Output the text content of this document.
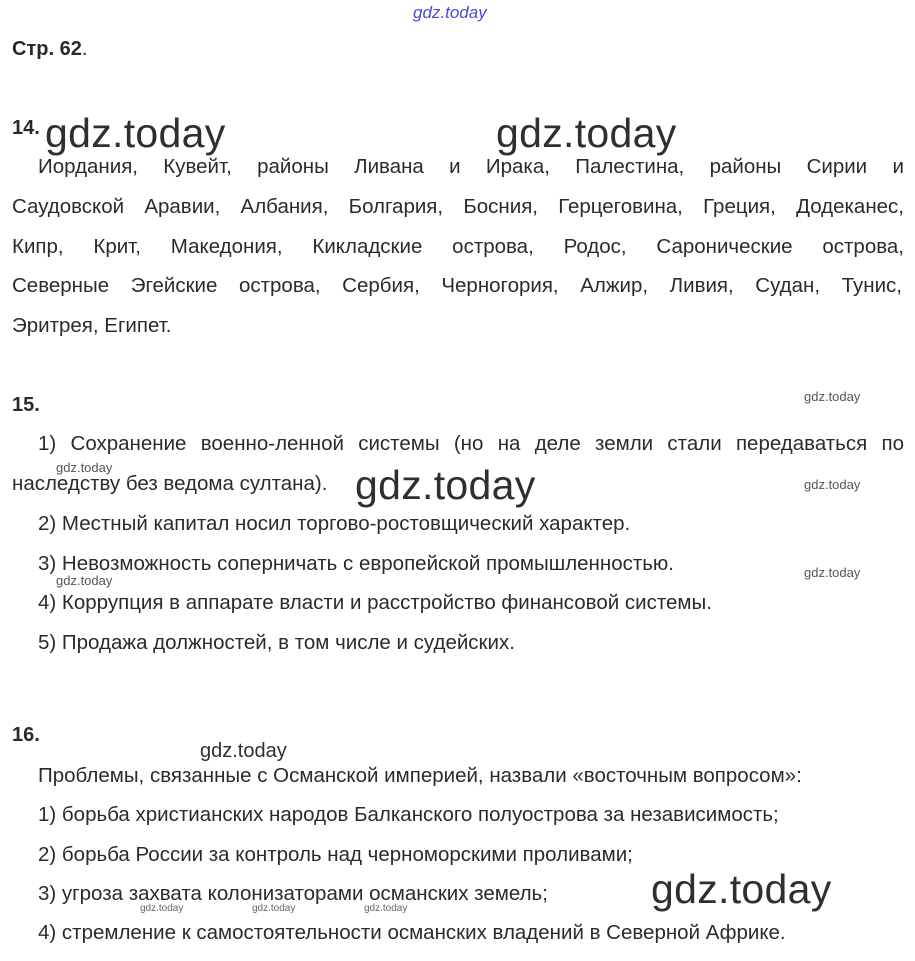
gdz.today
Стр. 62.
14. gdz.today	gdz.today
Иордания, Кувейт, районы Ливана и Ирака, Палестина, районы Сирии и
Саудовской Аравии, Албания, Болгария, Босния, Герцеговина, Греция, Додеканес,
Кипр, Крит, Македония, Кикладские острова, Родос, Саронические острова,
Северные Эгейские острова, Сербия, Черногория, Алжир, Ливия, Судан, Тунис,
Эритрея, Египет.
15.	gdz.today
1) Сохранение военно-ленной системы (но на деле земли стали передаваться по
gdz.today
наследству без ведома султана). gdz.today	gdz.today
2) Местный капитал носил торгово-ростовщический характер.
3) Невозможность соперничать с европейской промышленностью.	gdz.today
gdz.today
4) Коррупция в аппарате власти и расстройство финансовой системы.
5) Продажа должностей, в том числе и судейских.
16.
gdz.today
Проблемы, связанные с Османской империей, назвали «восточным вопросом»:
1) борьба христианских народов Балканского полуострова за независимость;
2) борьба России за контроль над черноморскими проливами;
3) угроза захвата колонизаторами османских земель;	gdz.today
gdz.today	gdz.today	gdz.today
4) стремление к самостоятельности османских владений в Северной Африке.
